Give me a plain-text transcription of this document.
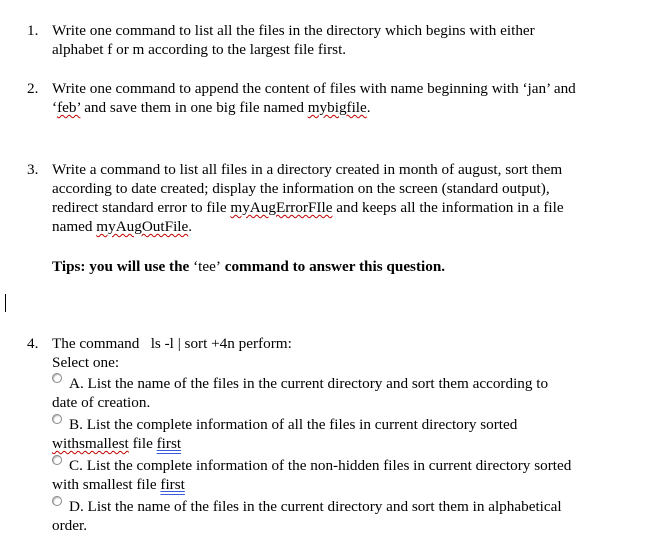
1. Write one command to list all the files in the directory which begins with either
alphabet f or m according to the largest file first.
2. Write one command to append the content of files with name beginning with ‘jan’ and
‘feb’ and save them in one big file named mybigfile.
3. Write a command to list all files in a directory created in month of august, sort them
according to date created; display the information on the screen (standard output),
redirect standard error to file myAugErrorFIle and keeps all the information in a file
named myAugOutFile.
Tips: you will use the ‘tee’ command to answer this question.
4. The command   ls -l | sort +4n perform:
Select one:
A. List the name of the files in the current directory and sort them according to
date of creation.
B. List the complete information of all the files in current directory sorted
withsmallest file first
C. List the complete information of the non-hidden files in current directory sorted
with smallest file first
D. List the name of the files in the current directory and sort them in alphabetical
order.
